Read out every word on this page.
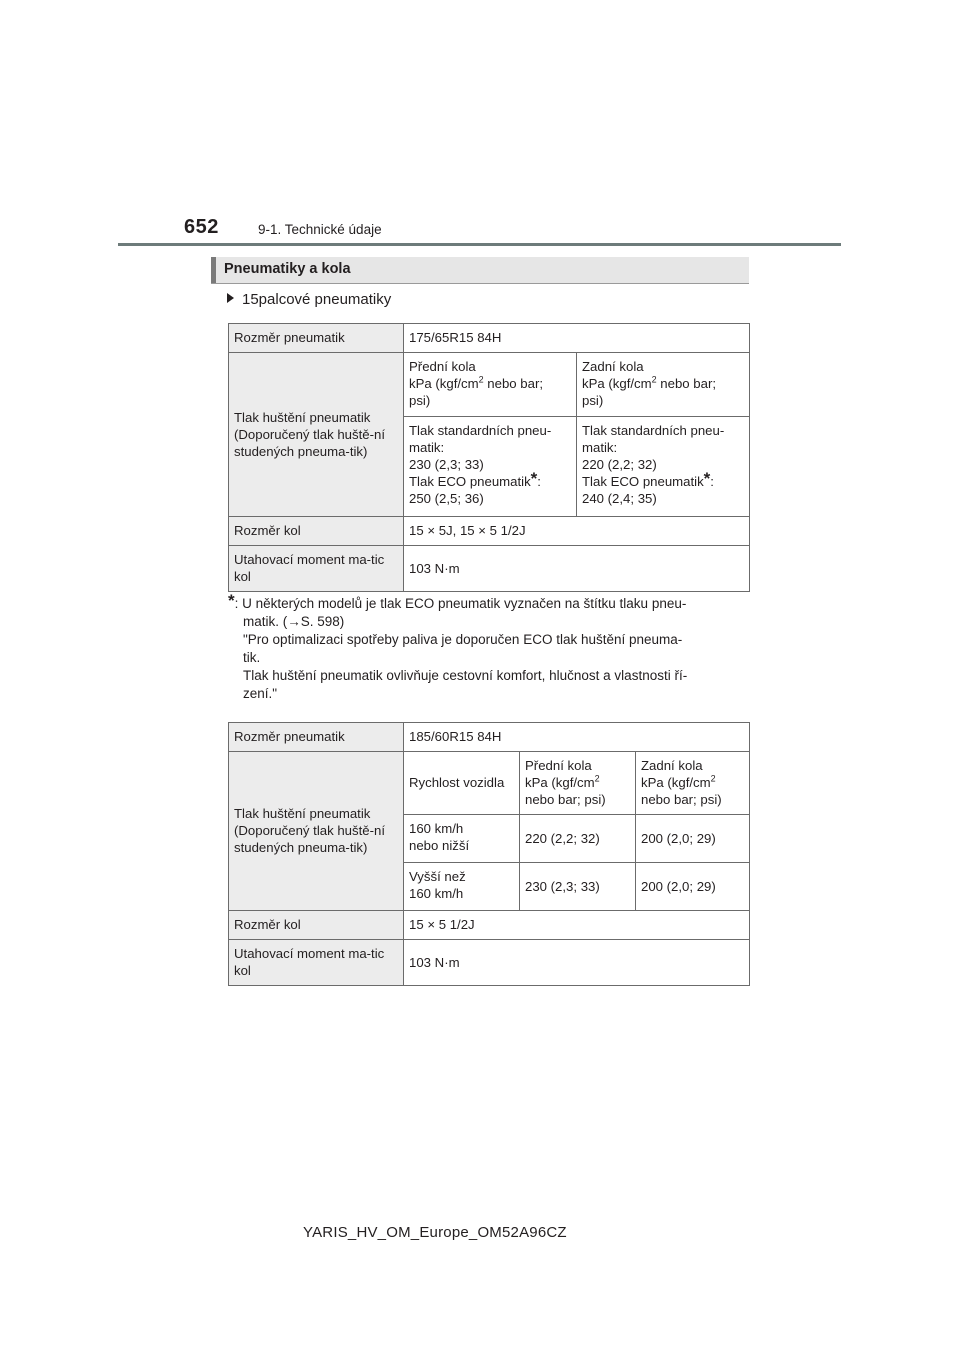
652	9-1. Technické údaje
Pneumatiky a kola
15palcové pneumatiky
Rozměr pneumatik	175/65R15 84H	
Tlak huštění pneumatik (Doporučený tlak huště-ní studených pneuma-tik)	Přední kola
kPa ($kgf/cm^2$ nebo bar;
psi)	Zadní kola
kPa ($kgf/cm^2$ nebo bar;
psi)
	Tlak standardních pneu-
matik:
230 (2,3; 33)
Tlak ECO pneumatik*:
250 (2,5; 36)	Tlak standardních pneu-
matik:
220 (2,2; 32)
Tlak ECO pneumatik*:
240 (2,4; 35)
Rozměr kol	15 × 5J, 15 × 5 1/2J	
Utahovací moment ma-tic kol	103 N·m	
*: U některých modelů je tlak ECO pneumatik vyznačen na štítku tlaku pneu-
matik. (→S. 598)
"Pro optimalizaci spotřeby paliva je doporučen ECO tlak huštění pneuma-
tik.
Tlak huštění pneumatik ovlivňuje cestovní komfort, hlučnost a vlastnosti ří-
zení."
Rozměr pneumatik	185/60R15 84H		
Tlak huštění pneumatik (Doporučený tlak huště-ní studených pneuma-tik)	Rychlost vozidla	Přední kola
kPa ($kgf/cm^2$
nebo bar; psi)	Zadní kola
kPa ($kgf/cm^2$
nebo bar; psi)
	160 km/h
nebo nižší	220 (2,2; 32)	200 (2,0; 29)
	Vyšší než
160 km/h	230 (2,3; 33)	200 (2,0; 29)
Rozměr kol	15 × 5 1/2J		
Utahovací moment ma-tic kol	103 N·m		
YARIS_HV_OM_Europe_OM52A96CZ
